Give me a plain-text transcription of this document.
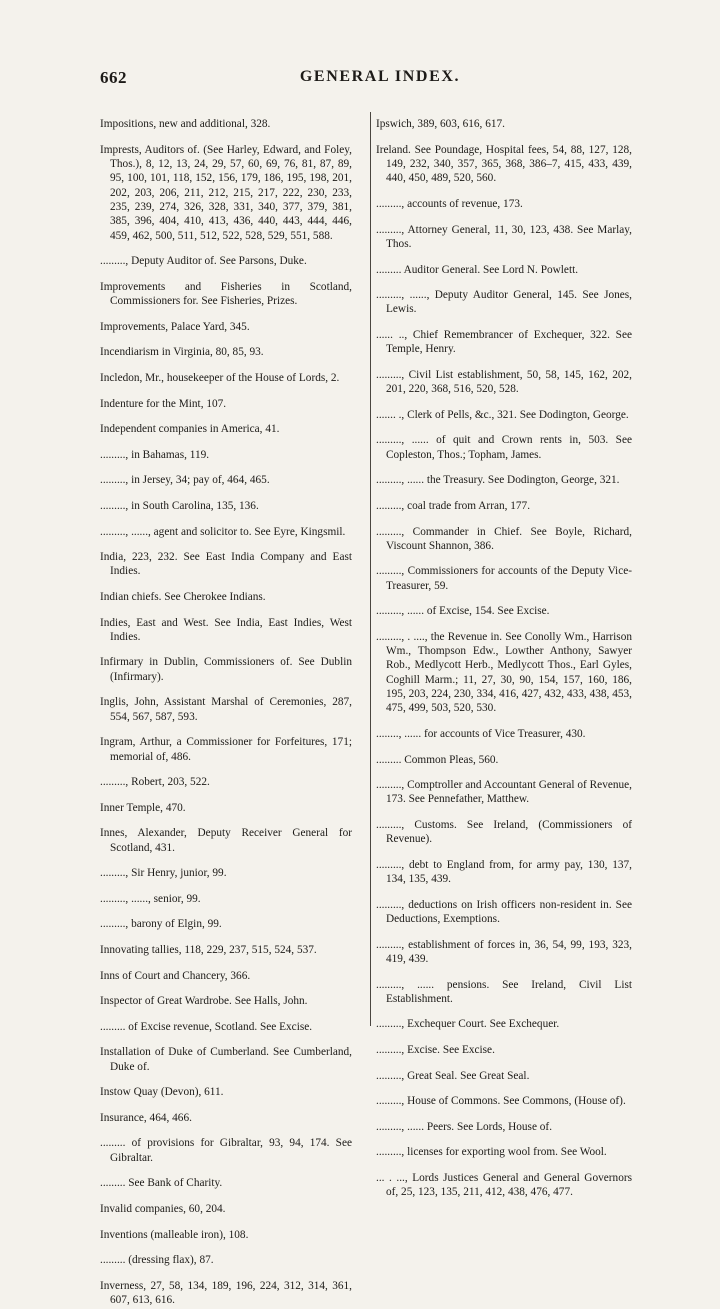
662	GENERAL INDEX.

Impositions, new and additional, 328.

Imprests, Auditors of. (See Harley, Edward, and Foley, Thos.), 8, 12, 13, 24, 29, 57, 60, 69, 76, 81, 87, 89, 95, 100, 101, 118, 152, 156, 179, 186, 195, 198, 201, 202, 203, 206, 211, 212, 215, 217, 222, 230, 233, 235, 239, 274, 326, 328, 331, 340, 377, 379, 381, 385, 396, 404, 410, 413, 436, 440, 443, 444, 446, 459, 462, 500, 511, 512, 522, 528, 529, 551, 588.

........., Deputy Auditor of. See Parsons, Duke.

Improvements and Fisheries in Scotland, Commissioners for. See Fisheries, Prizes.

Improvements, Palace Yard, 345.

Incendiarism in Virginia, 80, 85, 93.

Incledon, Mr., housekeeper of the House of Lords, 2.

Indenture for the Mint, 107.

Independent companies in America, 41.

........., in Bahamas, 119.

........., in Jersey, 34; pay of, 464, 465.

........., in South Carolina, 135, 136.

........., ......, agent and solicitor to. See Eyre, Kingsmil.

India, 223, 232. See East India Company and East Indies.

Indian chiefs. See Cherokee Indians.

Indies, East and West. See India, East Indies, West Indies.

Infirmary in Dublin, Commissioners of. See Dublin (Infirmary).

Inglis, John, Assistant Marshal of Ceremonies, 287, 554, 567, 587, 593.

Ingram, Arthur, a Commissioner for Forfeitures, 171; memorial of, 486.

........., Robert, 203, 522.

Inner Temple, 470.

Innes, Alexander, Deputy Receiver General for Scotland, 431.

........., Sir Henry, junior, 99.

........., ......, senior, 99.

........., barony of Elgin, 99.

Innovating tallies, 118, 229, 237, 515, 524, 537.

Inns of Court and Chancery, 366.

Inspector of Great Wardrobe. See Halls, John.

......... of Excise revenue, Scotland. See Excise.

Installation of Duke of Cumberland. See Cumberland, Duke of.

Instow Quay (Devon), 611.

Insurance, 464, 466.

......... of provisions for Gibraltar, 93, 94, 174. See Gibraltar.

......... See Bank of Charity.

Invalid companies, 60, 204.

Inventions (malleable iron), 108.

......... (dressing flax), 87.

Inverness, 27, 58, 134, 189, 196, 224, 312, 314, 361, 607, 613, 616.

Ipswich, 389, 603, 616, 617.

Ireland. See Poundage, Hospital fees, 54, 88, 127, 128, 149, 232, 340, 357, 365, 368, 386–7, 415, 433, 439, 440, 450, 489, 520, 560.

........., accounts of revenue, 173.

........., Attorney General, 11, 30, 123, 438. See Marlay, Thos.

......... Auditor General. See Lord N. Powlett.

........., ......, Deputy Auditor General, 145. See Jones, Lewis.

...... .., Chief Remembrancer of Exchequer, 322. See Temple, Henry.

........., Civil List establishment, 50, 58, 145, 162, 202, 201, 220, 368, 516, 520, 528.

....... ., Clerk of Pells, &c., 321. See Dodington, George.

........., ...... of quit and Crown rents in, 503. See Copleston, Thos.; Topham, James.

........., ...... the Treasury. See Dodington, George, 321.

........., coal trade from Arran, 177.

........., Commander in Chief. See Boyle, Richard, Viscount Shannon, 386.

........., Commissioners for accounts of the Deputy Vice-Treasurer, 59.

........., ...... of Excise, 154. See Excise.

........., . ...., the Revenue in. See Conolly Wm., Harrison Wm., Thompson Edw., Lowther Anthony, Sawyer Rob., Medlycott Herb., Medlycott Thos., Earl Gyles, Coghill Marm.; 11, 27, 30, 90, 154, 157, 160, 186, 195, 203, 224, 230, 334, 416, 427, 432, 433, 438, 453, 475, 499, 503, 520, 530.

........, ...... for accounts of Vice Treasurer, 430.

......... Common Pleas, 560.

........., Comptroller and Accountant General of Revenue, 173. See Pennefather, Matthew.

........., Customs. See Ireland, (Commissioners of Revenue).

........., debt to England from, for army pay, 130, 137, 134, 135, 439.

........., deductions on Irish officers non-resident in. See Deductions, Exemptions.

........., establishment of forces in, 36, 54, 99, 193, 323, 419, 439.

........., ...... pensions. See Ireland, Civil List Establishment.

........., Exchequer Court. See Exchequer.

........., Excise. See Excise.

........., Great Seal. See Great Seal.

........., House of Commons. See Commons, (House of).

........., ...... Peers. See Lords, House of.

........., licenses for exporting wool from. See Wool.

... . ..., Lords Justices General and General Governors of, 25, 123, 135, 211, 412, 438, 476, 477.
